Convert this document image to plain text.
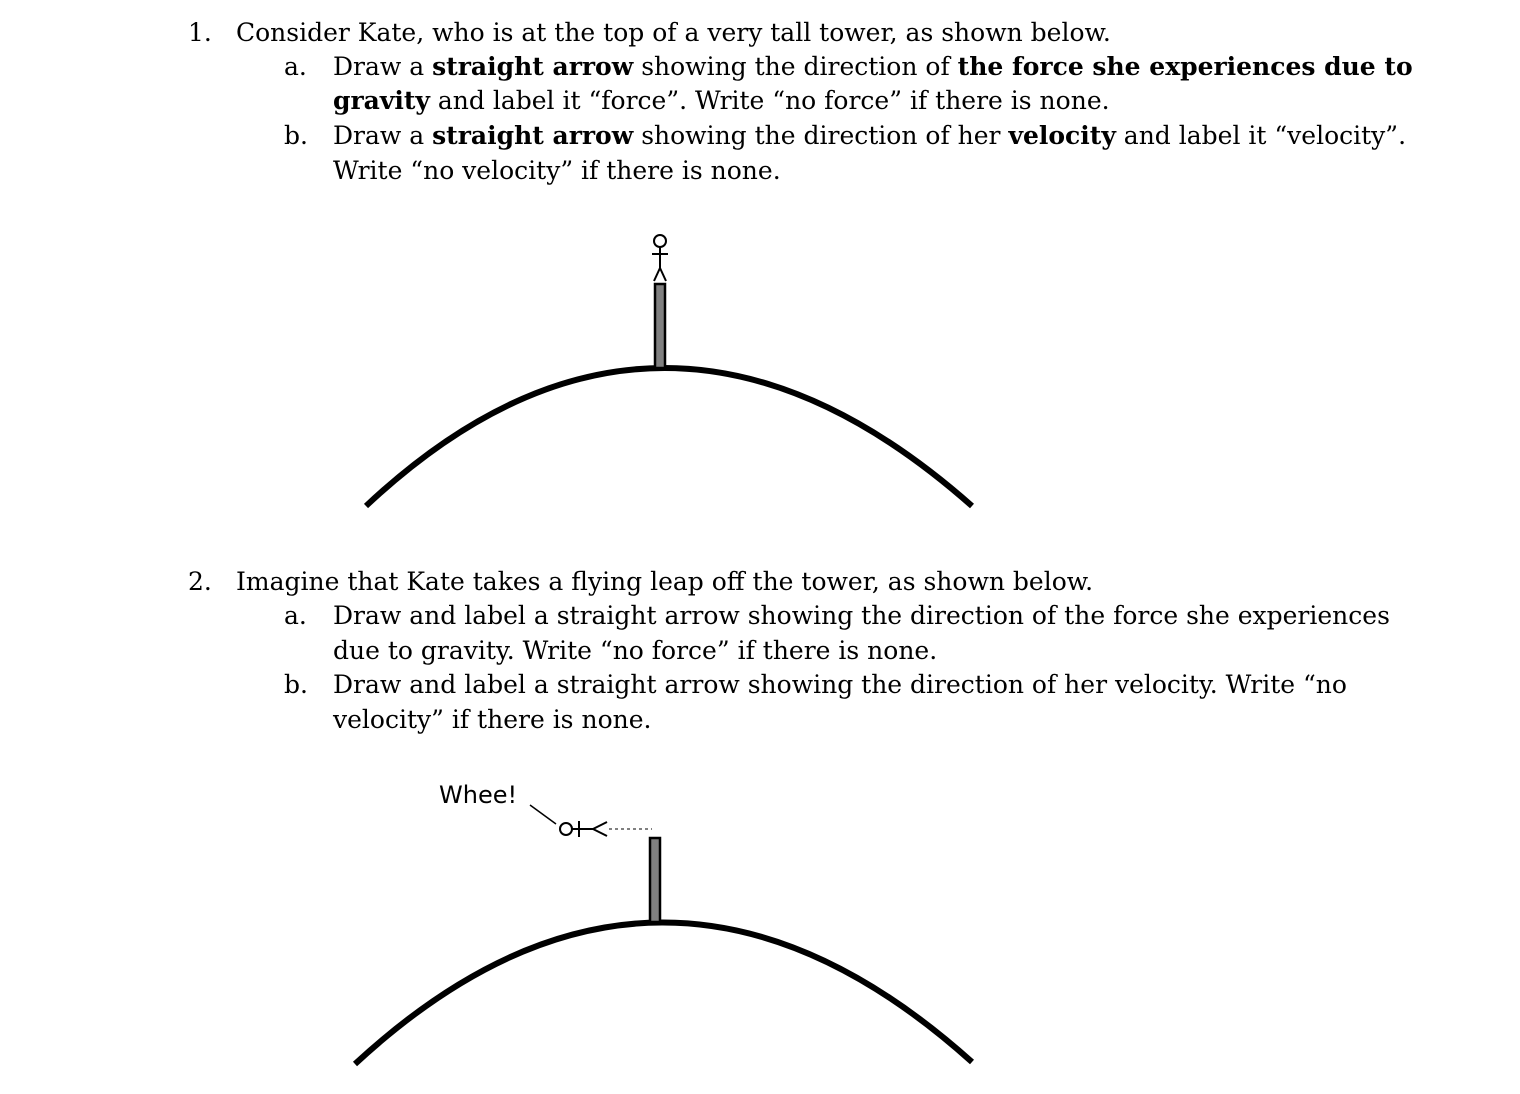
1. Consider Kate, who is at the top of a very tall tower, as shown below.
a. Draw a straight arrow showing the direction of the force she experiences due to
gravity and label it “force”. Write “no force” if there is none.
b. Draw a straight arrow showing the direction of her velocity and label it “velocity”.
Write “no velocity” if there is none.
2. Imagine that Kate takes a flying leap off the tower, as shown below.
a. Draw and label a straight arrow showing the direction of the force she experiences
due to gravity. Write “no force” if there is none.
b. Draw and label a straight arrow showing the direction of her velocity. Write “no
velocity” if there is none.
Whee!
